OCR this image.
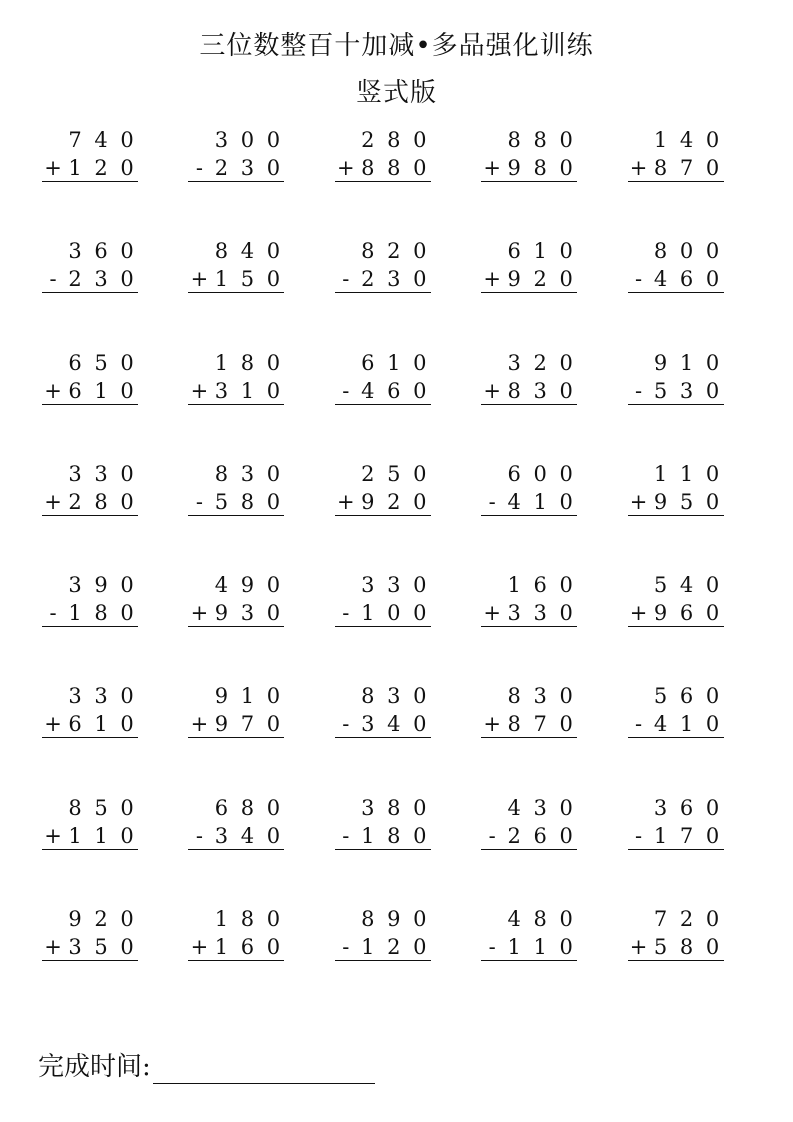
三位数整百十加减•多品强化训练
竖式版
7 4 0
+ 1 2 0
3 0 0
- 2 3 0
2 8 0
+ 8 8 0
8 8 0
+ 9 8 0
1 4 0
+ 8 7 0
3 6 0
- 2 3 0
8 4 0
+ 1 5 0
8 2 0
- 2 3 0
6 1 0
+ 9 2 0
8 0 0
- 4 6 0
6 5 0
+ 6 1 0
1 8 0
+ 3 1 0
6 1 0
- 4 6 0
3 2 0
+ 8 3 0
9 1 0
- 5 3 0
3 3 0
+ 2 8 0
8 3 0
- 5 8 0
2 5 0
+ 9 2 0
6 0 0
- 4 1 0
1 1 0
+ 9 5 0
3 9 0
- 1 8 0
4 9 0
+ 9 3 0
3 3 0
- 1 0 0
1 6 0
+ 3 3 0
5 4 0
+ 9 6 0
3 3 0
+ 6 1 0
9 1 0
+ 9 7 0
8 3 0
- 3 4 0
8 3 0
+ 8 7 0
5 6 0
- 4 1 0
8 5 0
+ 1 1 0
6 8 0
- 3 4 0
3 8 0
- 1 8 0
4 3 0
- 2 6 0
3 6 0
- 1 7 0
9 2 0
+ 3 5 0
1 8 0
+ 1 6 0
8 9 0
- 1 2 0
4 8 0
- 1 1 0
7 2 0
+ 5 8 0
完成时间:
